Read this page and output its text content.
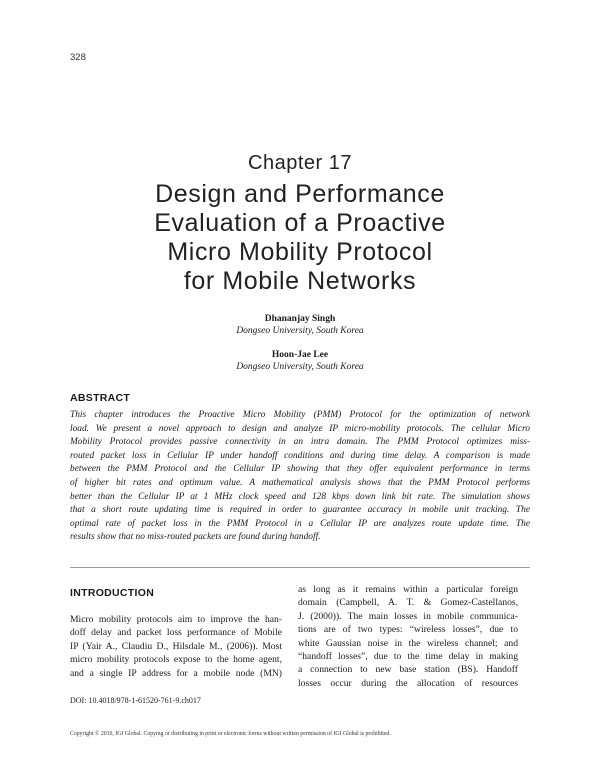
328
Chapter 17
Design and Performance
Evaluation of a Proactive
Micro Mobility Protocol
for Mobile Networks
Dhananjay Singh
Dongseo University, South Korea
Hoon-Jae Lee
Dongseo University, South Korea
ABSTRACT

This chapter introduces the Proactive Micro Mobility (PMM) Protocol for the optimization of network
load. We present a novel approach to design and analyze IP micro-mobility protocols. The cellular Micro
Mobility Protocol provides passive connectivity in an intra domain. The PMM Protocol optimizes miss-
routed packet loss in Cellular IP under handoff conditions and during time delay. A comparison is made
between the PMM Protocol and the Cellular IP showing that they offer equivalent performance in terms
of higher bit rates and optimum value. A mathematical analysis shows that the PMM Protocol performs
better than the Cellular IP at 1 MHz clock speed and 128 kbps down link bit rate. The simulation shows
that a short route updating time is required in order to guarantee accuracy in mobile unit tracking. The
optimal rate of packet loss in the PMM Protocol in a Cellular IP are analyzes route update time. The
results show that no miss-routed packets are found during handoff.

INTRODUCTION

Micro mobility protocols aim to improve the han-
doff delay and packet loss performance of Mobile
IP (Yair A., Claudiu D., Hilsdale M., (2006)). Most
micro mobility protocols expose to the home agent,
and a single IP address for a mobile node (MN)

as long as it remains within a particular foreign
domain (Campbell, A. T. & Gomez-Castellanos,
J. (2000)). The main losses in mobile communica-
tions are of two types: “wireless losses”, due to
white Gaussian noise in the wireless channel; and
“handoff losses”, due to the time delay in making
a connection to new base station (BS). Handoff
losses occur during the allocation of resources

DOI: 10.4018/978-1-61520-761-9.ch017
Copyright © 2010, IGI Global. Copying or distributing in print or electronic forms without written permission of IGI Global is prohibited.
